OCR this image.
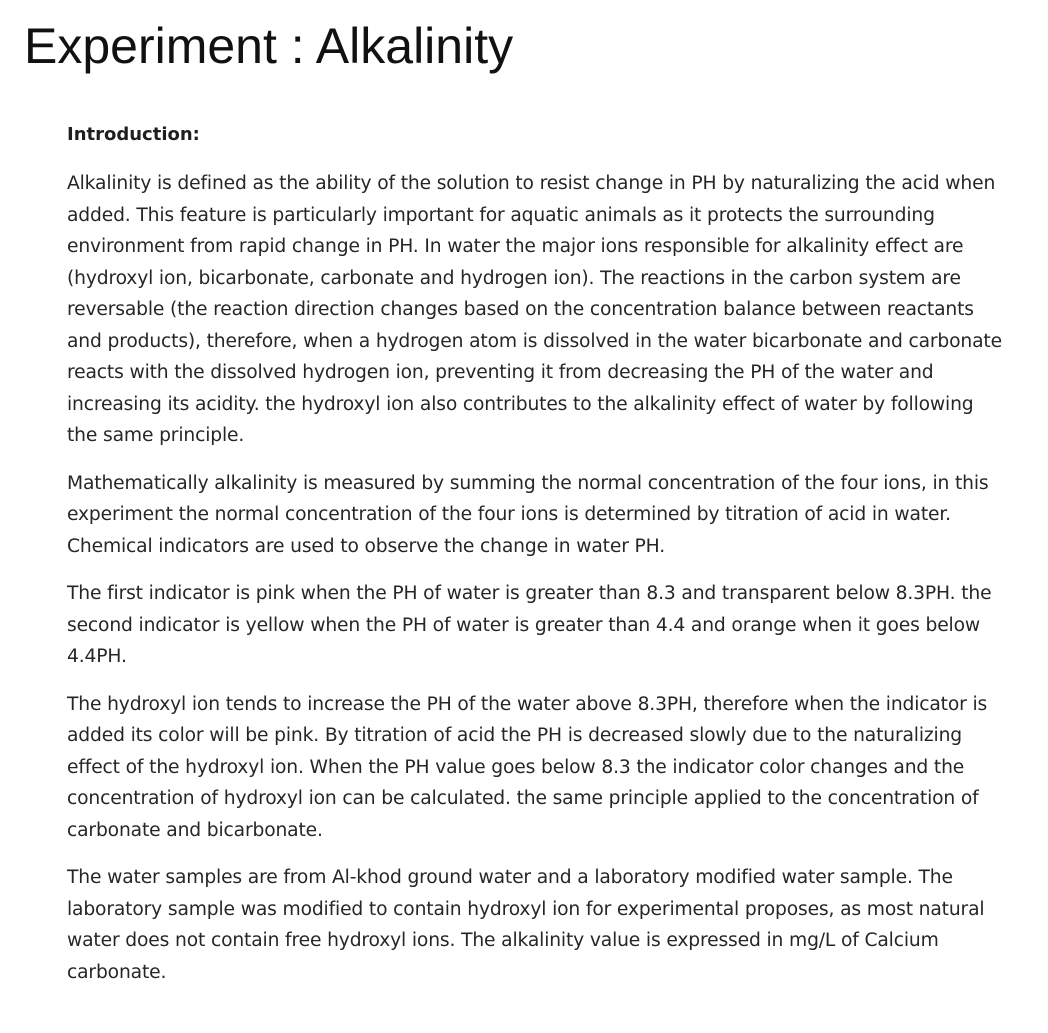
Experiment : Alkalinity
Introduction:

Alkalinity is defined as the ability of the solution to resist change in PH by naturalizing the acid when added. This feature is particularly important for aquatic animals as it protects the surrounding environment from rapid change in PH. In water the major ions responsible for alkalinity effect are (hydroxyl ion, bicarbonate, carbonate and hydrogen ion). The reactions in the carbon system are reversable (the reaction direction changes based on the concentration balance between reactants and products), therefore, when a hydrogen atom is dissolved in the water bicarbonate and carbonate reacts with the dissolved hydrogen ion, preventing it from decreasing the PH of the water and increasing its acidity. the hydroxyl ion also contributes to the alkalinity effect of water by following the same principle.

Mathematically alkalinity is measured by summing the normal concentration of the four ions, in this experiment the normal concentration of the four ions is determined by titration of acid in water. Chemical indicators are used to observe the change in water PH.

The first indicator is pink when the PH of water is greater than 8.3 and transparent below 8.3PH. the second indicator is yellow when the PH of water is greater than 4.4 and orange when it goes below 4.4PH.

The hydroxyl ion tends to increase the PH of the water above 8.3PH, therefore when the indicator is added its color will be pink. By titration of acid the PH is decreased slowly due to the naturalizing effect of the hydroxyl ion. When the PH value goes below 8.3 the indicator color changes and the concentration of hydroxyl ion can be calculated. the same principle applied to the concentration of carbonate and bicarbonate.

The water samples are from Al-khod ground water and a laboratory modified water sample. The laboratory sample was modified to contain hydroxyl ion for experimental proposes, as most natural water does not contain free hydroxyl ions. The alkalinity value is expressed in mg/L of Calcium carbonate.
